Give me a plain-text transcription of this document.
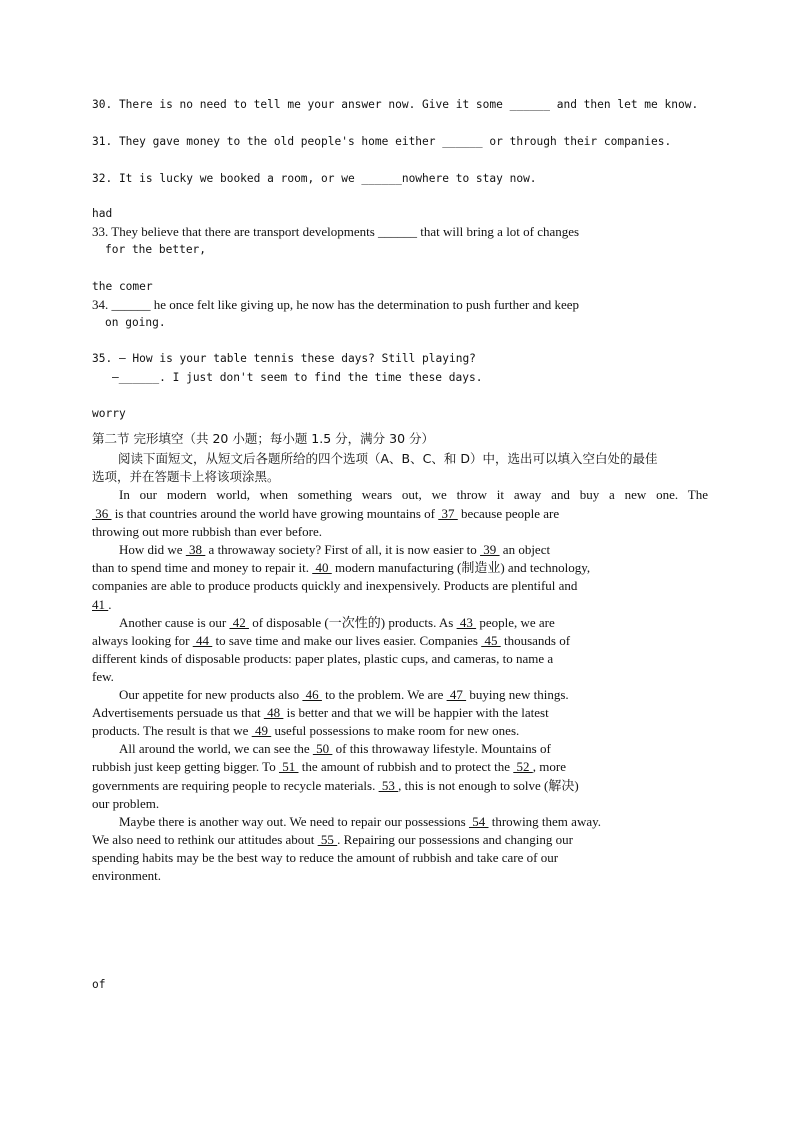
30. There is no need to tell me your answer now. Give it some ______ and then let me know.

31. They gave money to the old people's home either ______ or through their companies.

32. It is lucky we booked a room, or we ______nowhere to stay now.

had
33. They believe that there are transport developments ______ that will bring a lot of changes
for the better,

the comer
34. ______ he once felt like giving up, he now has the determination to push further and keep
on going.

35. — How is your table tennis these days? Still playing?
—______. I just don't seem to find the time these days.

worry
第二节 完形填空（共 20 小题；每小题 1.5 分，满分 30 分）
阅读下面短文，从短文后各题所给的四个选项（A、B、C、和 D）中，选出可以填入空白处的最佳
选项，并在答题卡上将该项涂黑。
In our modern world, when something wears out, we throw it away and buy a new one. The
36  is that countries around the world have growing mountains of  37  because people are
throwing out more rubbish than ever before.
How did we  38  a throwaway society? First of all, it is now easier to  39  an object
than to spend time and money to repair it.  40  modern manufacturing (制造业) and technology,
companies are able to produce products quickly and inexpensively. Products are plentiful and
41 .
Another cause is our  42  of disposable (一次性的) products. As  43  people, we are
always looking for  44  to save time and make our lives easier. Companies  45  thousands of
different kinds of disposable products: paper plates, plastic cups, and cameras, to name a
few.
Our appetite for new products also  46  to the problem. We are  47  buying new things.
Advertisements persuade us that  48  is better and that we will be happier with the latest
products. The result is that we  49  useful possessions to make room for new ones.
All around the world, we can see the  50  of this throwaway lifestyle. Mountains of
rubbish just keep getting bigger. To  51  the amount of rubbish and to protect the  52 , more
governments are requiring people to recycle materials.  53 , this is not enough to solve (解决)
our problem.
Maybe there is another way out. We need to repair our possessions  54  throwing them away.
We also need to rethink our attitudes about  55 . Repairing our possessions and changing our
spending habits may be the best way to reduce the amount of rubbish and take care of our
environment.

of
